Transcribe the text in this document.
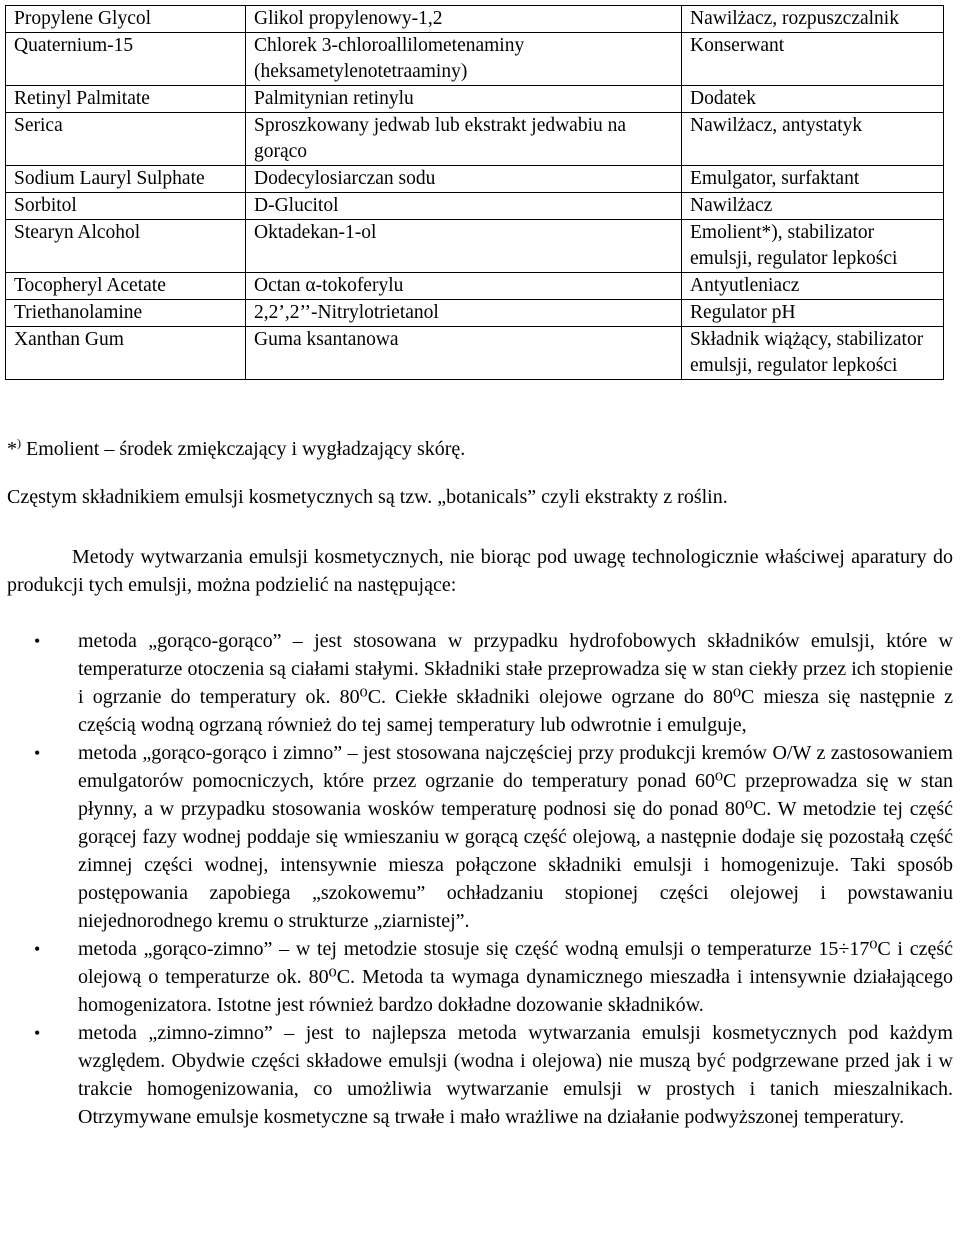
Propylene Glycol	Glikol propylenowy-1,2	Nawilżacz, rozpuszczalnik
Quaternium-15	Chlorek 3-chloroallilometenaminy (heksametylenotetraaminy)	Konserwant
Retinyl Palmitate	Palmitynian retinylu	Dodatek
Serica	Sproszkowany jedwab lub ekstrakt jedwabiu na gorąco	Nawilżacz, antystatyk
Sodium Lauryl Sulphate	Dodecylosiarczan sodu	Emulgator, surfaktant
Sorbitol	D-Glucitol	Nawilżacz
Stearyn Alcohol	Oktadekan-1-ol	Emolient*), stabilizator emulsji, regulator lepkości
Tocopheryl Acetate	Octan α-tokoferylu	Antyutleniacz
Triethanolamine	2,2’,2’’-Nitrylotrietanol	Regulator pH
Xanthan Gum	Guma ksantanowa	Składnik wiążący, stabilizator emulsji, regulator lepkości
*) Emolient – środek zmiękczający i wygładzający skórę.
Częstym składnikiem emulsji kosmetycznych są tzw. „botanicals” czyli ekstrakty z roślin.
Metody wytwarzania emulsji kosmetycznych, nie biorąc pod uwagę technologicznie właściwej aparatury do produkcji tych emulsji, można podzielić na następujące:
• metoda „gorąco-gorąco” – jest stosowana w przypadku hydrofobowych składników emulsji, które w temperaturze otoczenia są ciałami stałymi. Składniki stałe przeprowadza się w stan ciekły przez ich stopienie i ogrzanie do temperatury ok. 80⁰C. Ciekłe składniki olejowe ogrzane do 80⁰C miesza się następnie z częścią wodną ogrzaną również do tej samej temperatury lub odwrotnie i emulguje,
• metoda „gorąco-gorąco i zimno” – jest stosowana najczęściej przy produkcji kremów O/W z zastosowaniem emulgatorów pomocniczych, które przez ogrzanie do temperatury ponad 60⁰C przeprowadza się w stan płynny, a w przypadku stosowania wosków temperaturę podnosi się do ponad 80⁰C. W metodzie tej część gorącej fazy wodnej poddaje się wmieszaniu w gorącą część olejową, a następnie dodaje się pozostałą część zimnej części wodnej, intensywnie miesza połączone składniki emulsji i homogenizuje. Taki sposób postępowania zapobiega „szokowemu” ochładzaniu stopionej części olejowej i powstawaniu niejednorodnego kremu o strukturze „ziarnistej”.
• metoda „gorąco-zimno” – w tej metodzie stosuje się część wodną emulsji o temperaturze 15÷17⁰C i część olejową o temperaturze ok. 80⁰C. Metoda ta wymaga dynamicznego mieszadła i intensywnie działającego homogenizatora. Istotne jest również bardzo dokładne dozowanie składników.
• metoda „zimno-zimno” – jest to najlepsza metoda wytwarzania emulsji kosmetycznych pod każdym względem. Obydwie części składowe emulsji (wodna i olejowa) nie muszą być podgrzewane przed jak i w trakcie homogenizowania, co umożliwia wytwarzanie emulsji w prostych i tanich mieszalnikach. Otrzymywane emulsje kosmetyczne są trwałe i mało wrażliwe na działanie podwyższonej temperatury.
